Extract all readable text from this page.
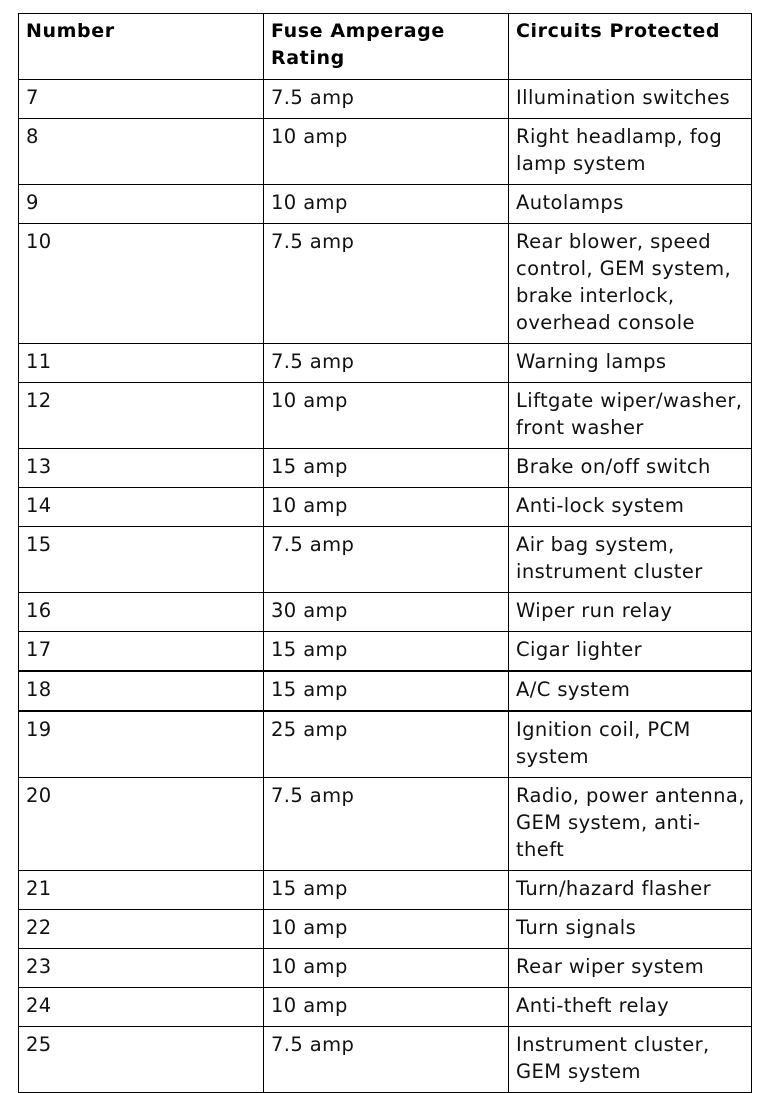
Number	Fuse Amperage Rating	Circuits Protected
7	7.5 amp	Illumination switches
8	10 amp	Right headlamp, fog lamp system
9	10 amp	Autolamps
10	7.5 amp	Rear blower, speed control, GEM system, brake interlock, overhead console
11	7.5 amp	Warning lamps
12	10 amp	Liftgate wiper/washer, front washer
13	15 amp	Brake on/off switch
14	10 amp	Anti-lock system
15	7.5 amp	Air bag system, instrument cluster
16	30 amp	Wiper run relay
17	15 amp	Cigar lighter
18	15 amp	A/C system
19	25 amp	Ignition coil, PCM system
20	7.5 amp	Radio, power antenna, GEM system, anti-theft
21	15 amp	Turn/hazard flasher
22	10 amp	Turn signals
23	10 amp	Rear wiper system
24	10 amp	Anti-theft relay
25	7.5 amp	Instrument cluster, GEM system
